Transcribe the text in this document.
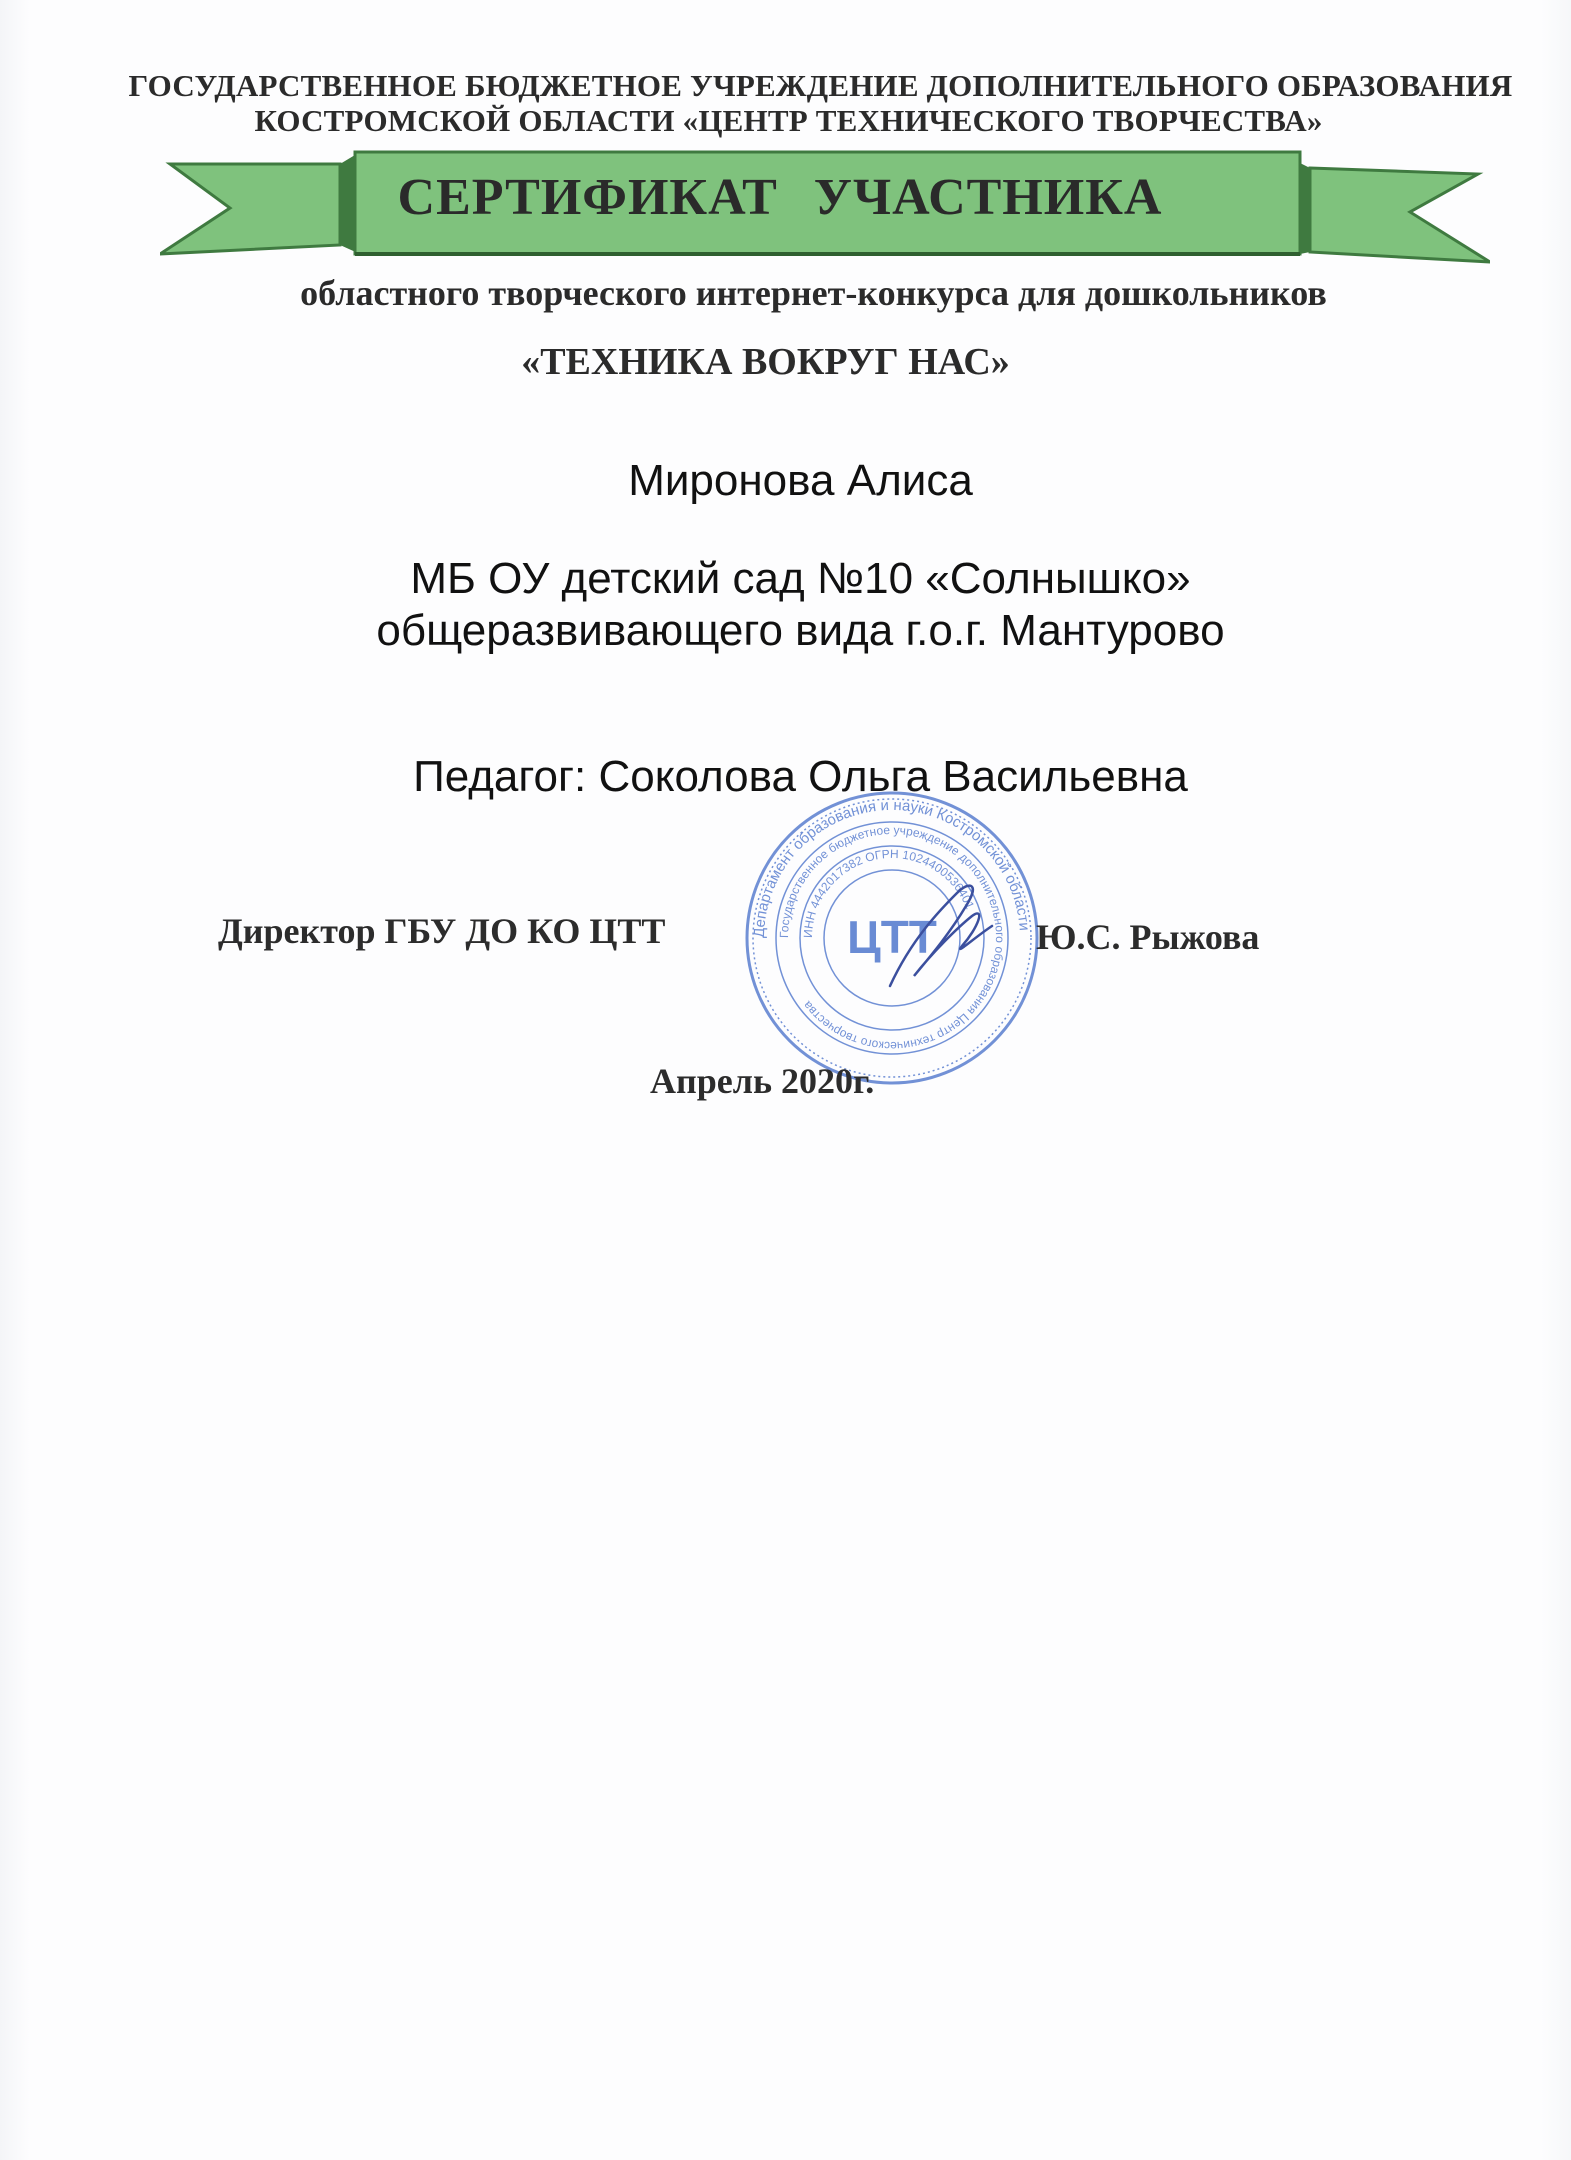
ГОСУДАРСТВЕННОЕ БЮДЖЕТНОЕ УЧРЕЖДЕНИЕ ДОПОЛНИТЕЛЬНОГО ОБРАЗОВАНИЯ
КОСТРОМСКОЙ ОБЛАСТИ «ЦЕНТР ТЕХНИЧЕСКОГО ТВОРЧЕСТВА»
СЕРТИФИКАТ УЧАСТНИКА
областного творческого интернет-конкурса для дошкольников
«ТЕХНИКА ВОКРУГ НАС»
Миронова Алиса
МБ ОУ детский сад №10 «Солнышко»
общеразвивающего вида г.о.г. Мантурово
Педагог: Соколова Ольга Васильевна
Директор ГБУ ДО КО ЦТТ	Департамент образования и науки Костромской области
Государственное бюджетное учреждение дополнительного образования Центр технического творчества
ИНН 4442017382 ОГРН 1024400536401
ЦТТ	Ю.С. Рыжова
Апрель 2020г.
